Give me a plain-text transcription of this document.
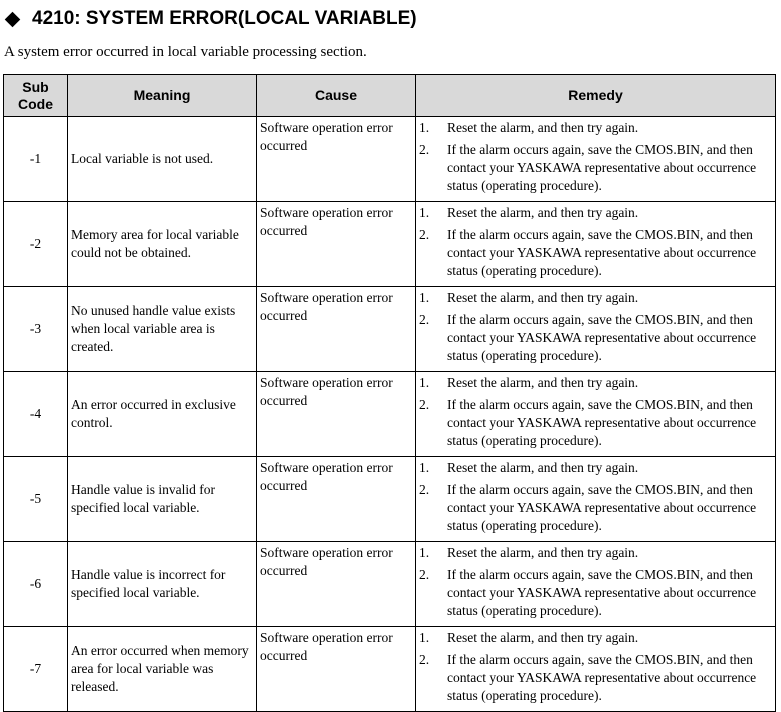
4210: SYSTEM ERROR(LOCAL VARIABLE)
A system error occurred in local variable processing section.
Sub Code	Meaning	Cause	Remedy
-1	Local variable is not used.	Software operation error occurred	1. Reset the alarm, and then try again.
2. If the alarm occurs again, save the CMOS.BIN, and then contact your YASKAWA representative about occurrence status (operating procedure).

-2	Memory area for local variable could not be obtained.	Software operation error occurred	1. Reset the alarm, and then try again.
2. If the alarm occurs again, save the CMOS.BIN, and then contact your YASKAWA representative about occurrence status (operating procedure).

-3	No unused handle value exists when local variable area is created.	Software operation error occurred	1. Reset the alarm, and then try again.
2. If the alarm occurs again, save the CMOS.BIN, and then contact your YASKAWA representative about occurrence status (operating procedure).

-4	An error occurred in exclusive control.	Software operation error occurred	1. Reset the alarm, and then try again.
2. If the alarm occurs again, save the CMOS.BIN, and then contact your YASKAWA representative about occurrence status (operating procedure).

-5	Handle value is invalid for specified local variable.	Software operation error occurred	1. Reset the alarm, and then try again.
2. If the alarm occurs again, save the CMOS.BIN, and then contact your YASKAWA representative about occurrence status (operating procedure).

-6	Handle value is incorrect for specified local variable.	Software operation error occurred	1. Reset the alarm, and then try again.
2. If the alarm occurs again, save the CMOS.BIN, and then contact your YASKAWA representative about occurrence status (operating procedure).

-7	An error occurred when memory area for local variable was released.	Software operation error occurred	1. Reset the alarm, and then try again.
2. If the alarm occurs again, save the CMOS.BIN, and then contact your YASKAWA representative about occurrence status (operating procedure).
